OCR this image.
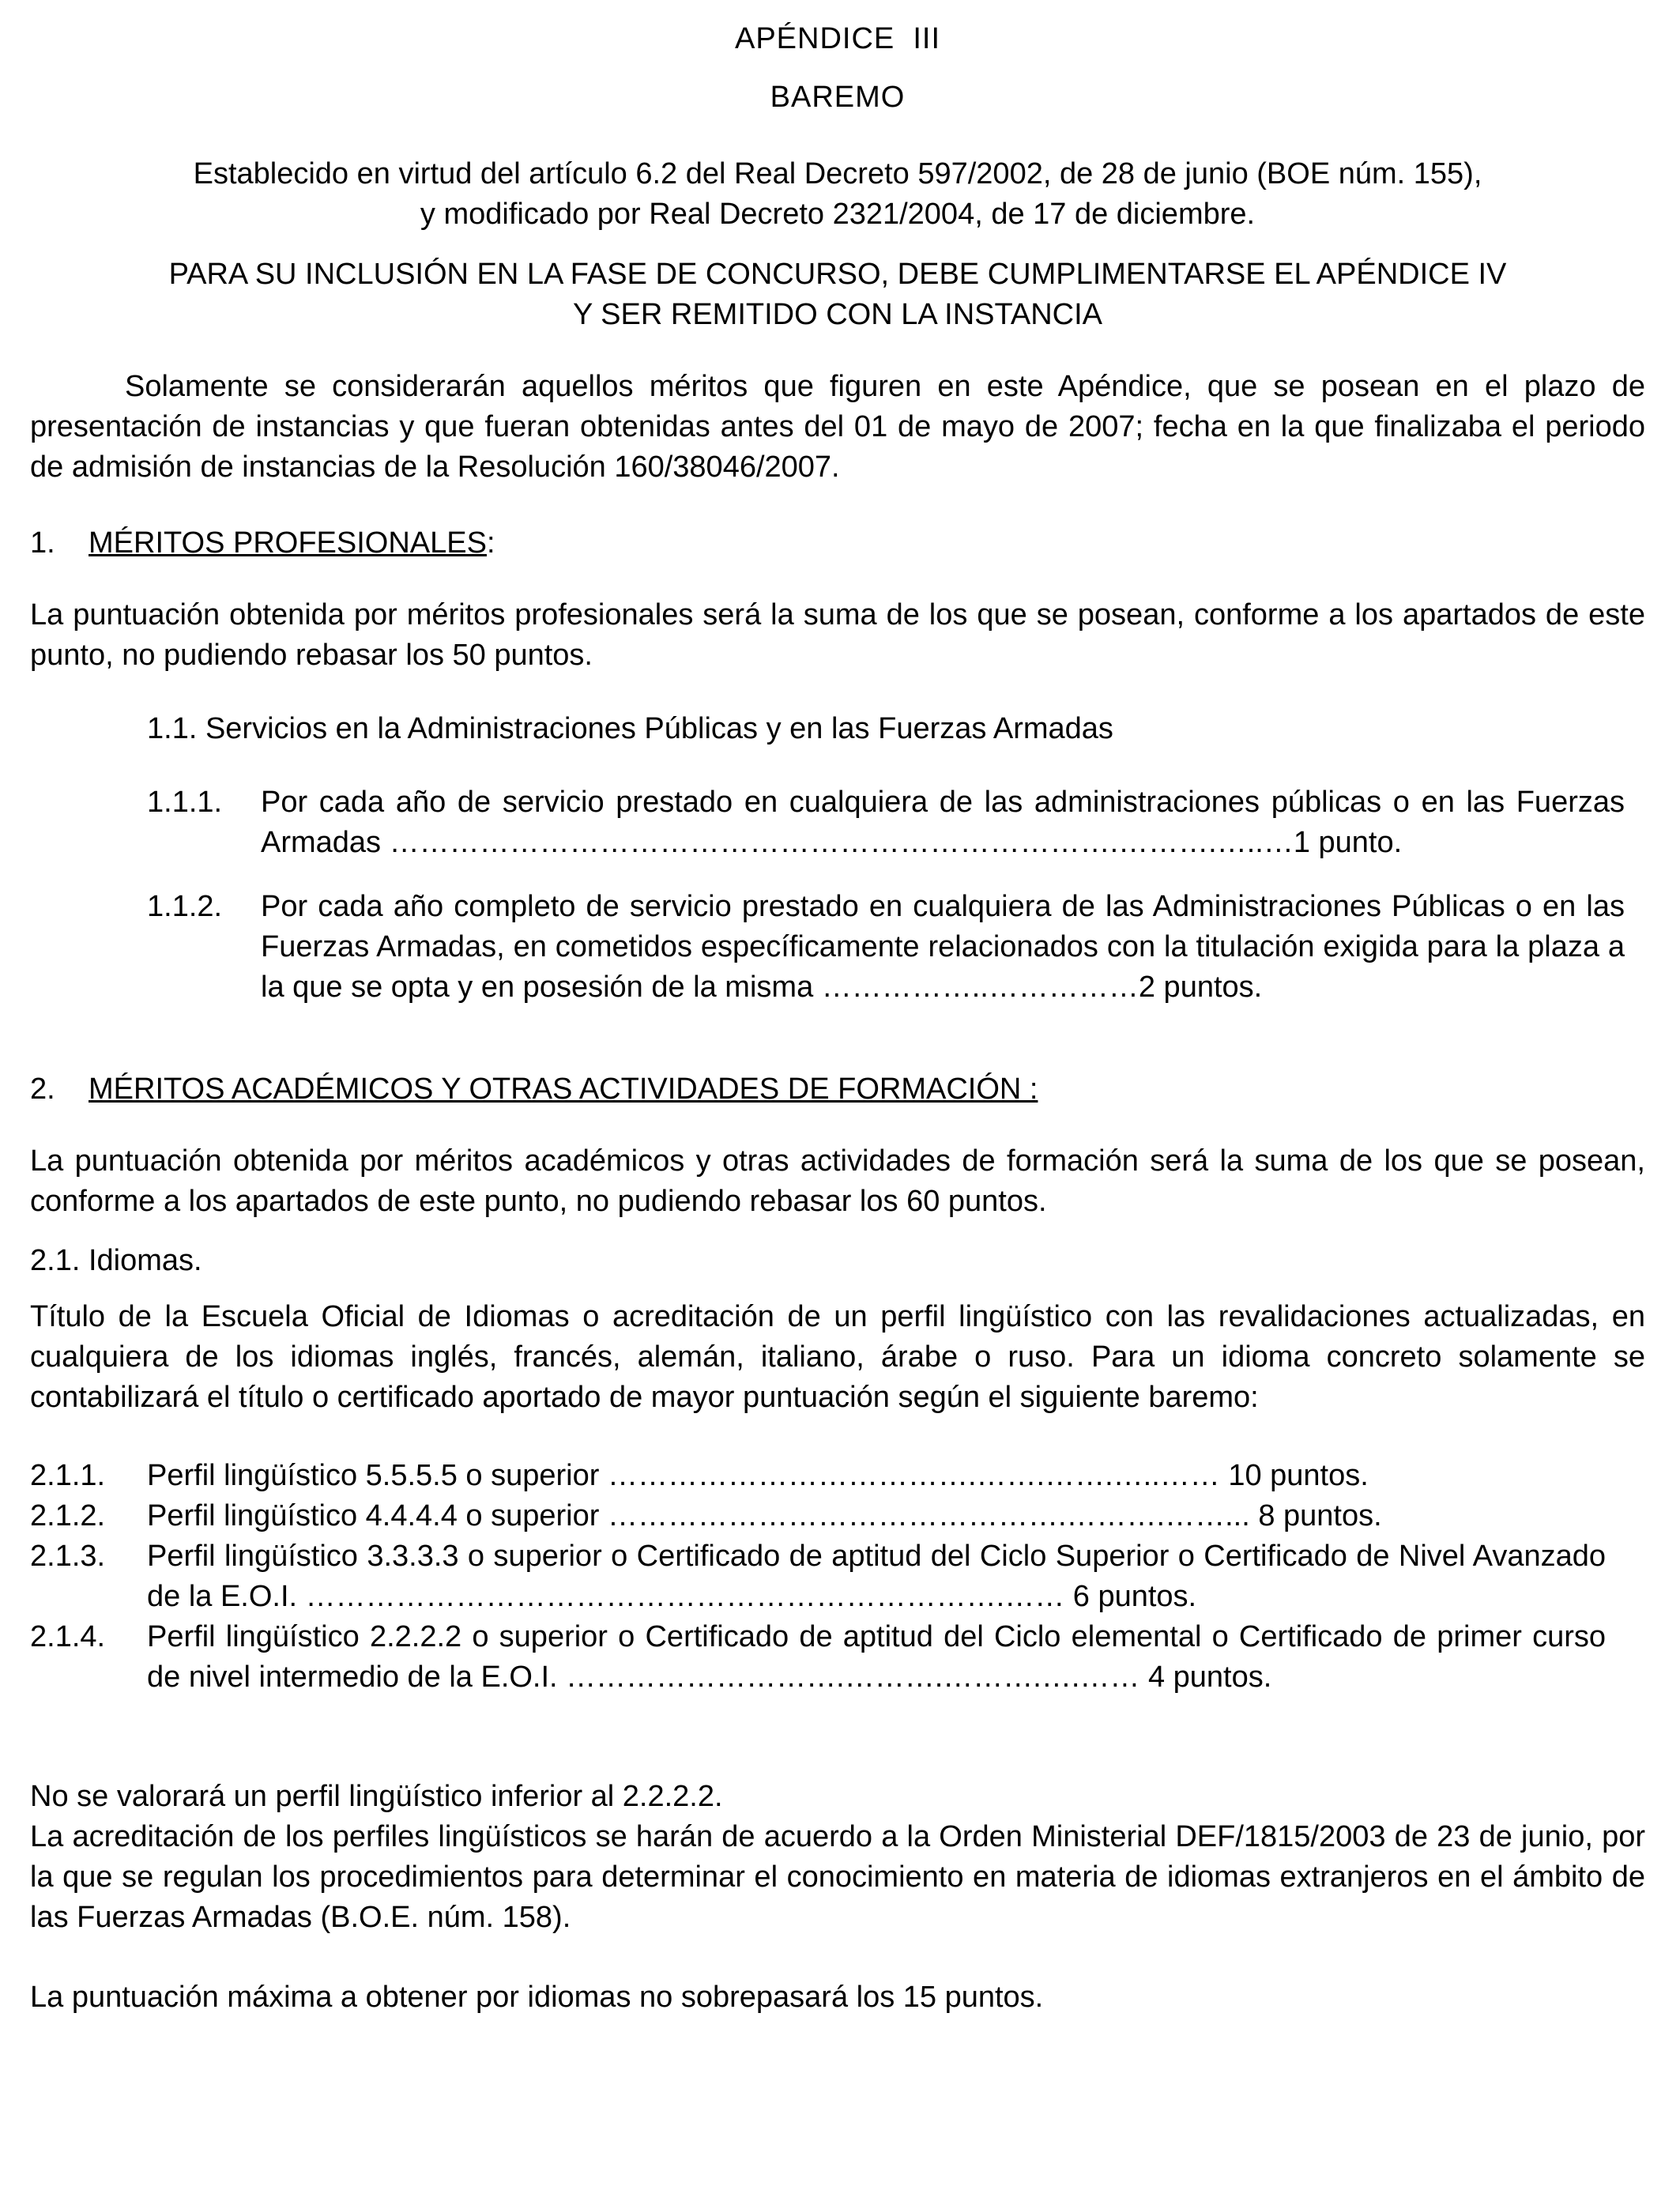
APÉNDICE  III
BAREMO

Establecido en virtud del artículo 6.2 del Real Decreto 597/2002, de 28 de junio (BOE núm. 155),

y modificado por Real Decreto 2321/2004, de 17 de diciembre.

PARA SU INCLUSIÓN EN LA FASE DE CONCURSO, DEBE CUMPLIMENTARSE EL APÉNDICE IV

Y SER REMITIDO CON LA INSTANCIA

Solamente se considerarán aquellos méritos que figuren en este Apéndice, que se posean en el plazo de presentación de instancias y que fueran obtenidas antes del 01 de mayo de 2007; fecha en la que finalizaba el periodo de admisión de instancias de la Resolución 160/38046/2007.

1.	MÉRITOS PROFESIONALES:

La puntuación obtenida por méritos profesionales será la suma de los que se posean, conforme a los apartados de este punto, no pudiendo rebasar los 50 puntos.

1.1. Servicios en la Administraciones Públicas y en las Fuerzas Armadas

1.1.1.	Por cada año de servicio prestado en cualquiera de las administraciones públicas o en las Fuerzas Armadas ……………………………………………………………….……….…..…1 punto.
1.1.2.	Por cada año completo de servicio prestado en cualquiera de las Administraciones Públicas o en las Fuerzas Armadas, en cometidos específicamente relacionados con la titulación exigida para la plaza a la que se opta y en posesión de la misma ……………..……………2 puntos.
2.	MÉRITOS ACADÉMICOS Y OTRAS ACTIVIDADES DE FORMACIÓN :

La puntuación obtenida por méritos académicos y otras actividades de formación será la suma de los que se posean, conforme a los apartados de este punto, no pudiendo rebasar los 60 puntos.

2.1. Idiomas.

Título de la Escuela Oficial de Idiomas o acreditación de un perfil lingüístico con las revalidaciones actualizadas, en cualquiera de los idiomas inglés, francés, alemán, italiano, árabe o ruso. Para un idioma concreto solamente se contabilizará el título o certificado aportado de mayor puntuación según el siguiente baremo:

2.1.1.	Perfil lingüístico 5.5.5.5 o superior ……………………………….…….…….…..…… 10 puntos.
2.1.2.	Perfil lingüístico 4.4.4.4 o superior ……………………………………….……….……... 8 puntos.
2.1.3.	Perfil lingüístico 3.3.3.3 o superior o Certificado de aptitud del Ciclo Superior o Certificado de Nivel Avanzado de la E.O.I. …………………………………………………………….…… 6 puntos.
2.1.4.	Perfil lingüístico 2.2.2.2 o superior o Certificado de aptitud del Ciclo elemental o Certificado de primer curso de nivel intermedio de la E.O.I. ……………………….……….……….….…… 4 puntos.

No se valorará un perfil lingüístico inferior al 2.2.2.2.

La acreditación de los perfiles lingüísticos se harán de acuerdo a la Orden Ministerial DEF/1815/2003 de 23 de junio, por la que se regulan los procedimientos para determinar el conocimiento en materia de idiomas extranjeros en el ámbito de las Fuerzas Armadas (B.O.E. núm. 158).

La puntuación máxima a obtener por idiomas no sobrepasará los 15 puntos.
